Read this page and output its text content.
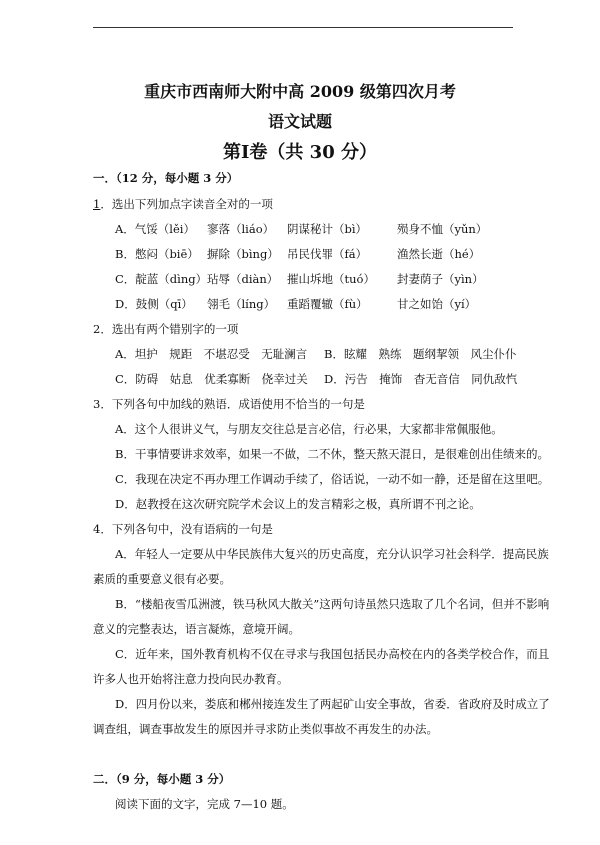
重庆市西南师大附中高 2009 级第四次月考
语文试题
第Ⅰ卷（共 30 分）
一．（12 分，每小题 3 分）
1．选出下列加点字读音全对的一项
A．气馁（lěi） 寥落（liáo） 阴谋秘计（bì）	殒身不恤（yǔn）
B．憋闷（biē） 摒除（bìng） 吊民伐罪（fá）	渔然长逝（hé）
C．靛蓝（dìng）玷辱（diàn） 摧山坼地（tuó） 封妻荫子（yìn）
D．鼓侧（qī） 翎毛（líng） 重蹈覆辙（fù）	甘之如饴（yí）
2．选出有两个错别字的一项
A．坦护　规距　不堪忍受　无耻澜言 B．眩耀　熟练　题纲挈领　风尘仆仆
C．防碍　姑息　优柔寡断　侥幸过关 D．污告　掩饰　杳无音信　同仇敌忾
3．下列各句中加线的熟语．成语使用不恰当的一句是
A．这个人很讲义气，与朋友交往总是言必信，行必果，大家都非常佩服他。
B．干事情要讲求效率，如果一不做，二不休，整天熬天混日，是很难创出佳绩来的。
C．我现在决定不再办理工作调动手续了，俗话说，一动不如一静，还是留在这里吧。
D．赵教授在这次研究院学术会议上的发言精彩之极，真所谓不刊之论。
4．下列各句中，没有语病的一句是
A．年轻人一定要从中华民族伟大复兴的历史高度，充分认识学习社会科学．提高民族
素质的重要意义很有必要。
B．“楼船夜雪瓜洲渡，铁马秋风大散关”这两句诗虽然只选取了几个名词，但并不影响
意义的完整表达，语言凝炼，意境开阔。
C．近年来，国外教育机构不仅在寻求与我国包括民办高校在内的各类学校合作，而且
许多人也开始将注意力投向民办教育。
D．四月份以来，娄底和郴州接连发生了两起矿山安全事故，省委．省政府及时成立了
调查组，调查事故发生的原因并寻求防止类似事故不再发生的办法。
二．（9 分，每小题 3 分）
阅读下面的文字，完成 7—10 题。
